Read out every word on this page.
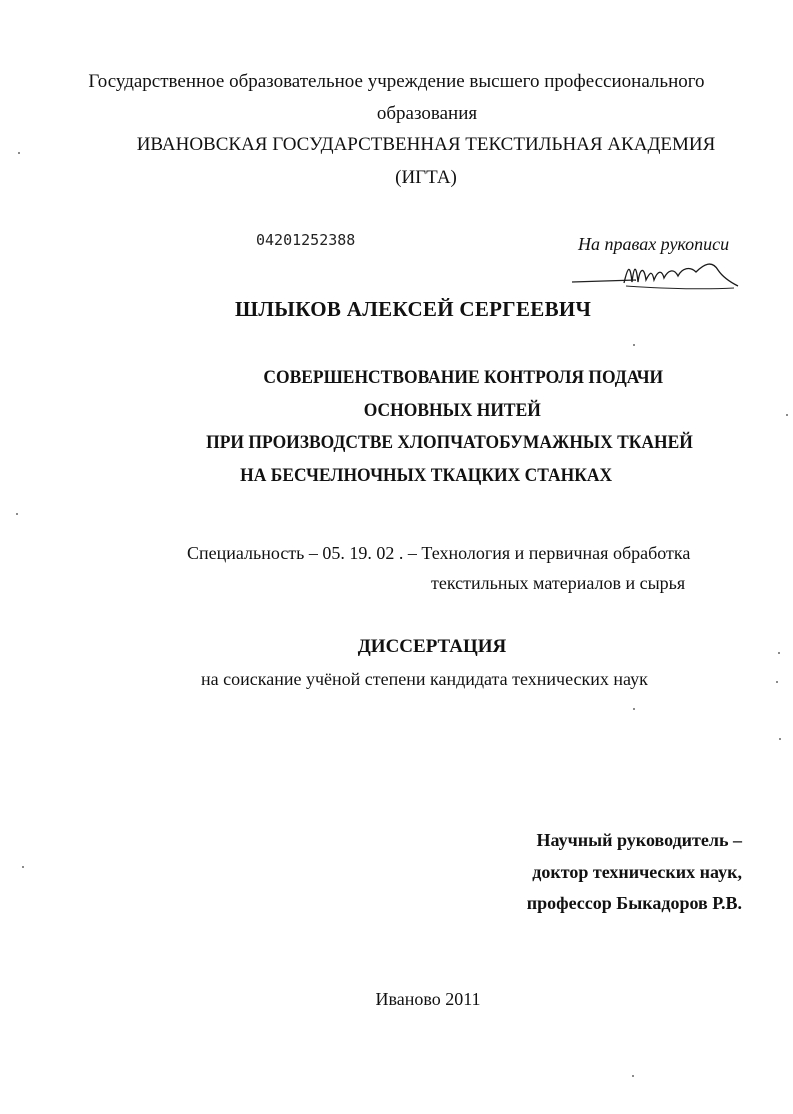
Государственное образовательное учреждение высшего профессионального
образования
ИВАНОВСКАЯ ГОСУДАРСТВЕННАЯ ТЕКСТИЛЬНАЯ АКАДЕМИЯ
(ИГТА)
04201252388	На правах рукописи
ШЛЫКОВ АЛЕКСЕЙ СЕРГЕЕВИЧ
СОВЕРШЕНСТВОВАНИЕ КОНТРОЛЯ ПОДАЧИ
ОСНОВНЫХ НИТЕЙ
ПРИ ПРОИЗВОДСТВЕ ХЛОПЧАТОБУМАЖНЫХ ТКАНЕЙ
НА БЕСЧЕЛНОЧНЫХ ТКАЦКИХ СТАНКАХ
Специальность – 05. 19. 02 . – Технология и первичная обработка
текстильных материалов и сырья
ДИССЕРТАЦИЯ
на соискание учёной степени кандидата технических наук
Научный руководитель –
доктор технических наук,
профессор Быкадоров Р.В.
Иваново 2011
